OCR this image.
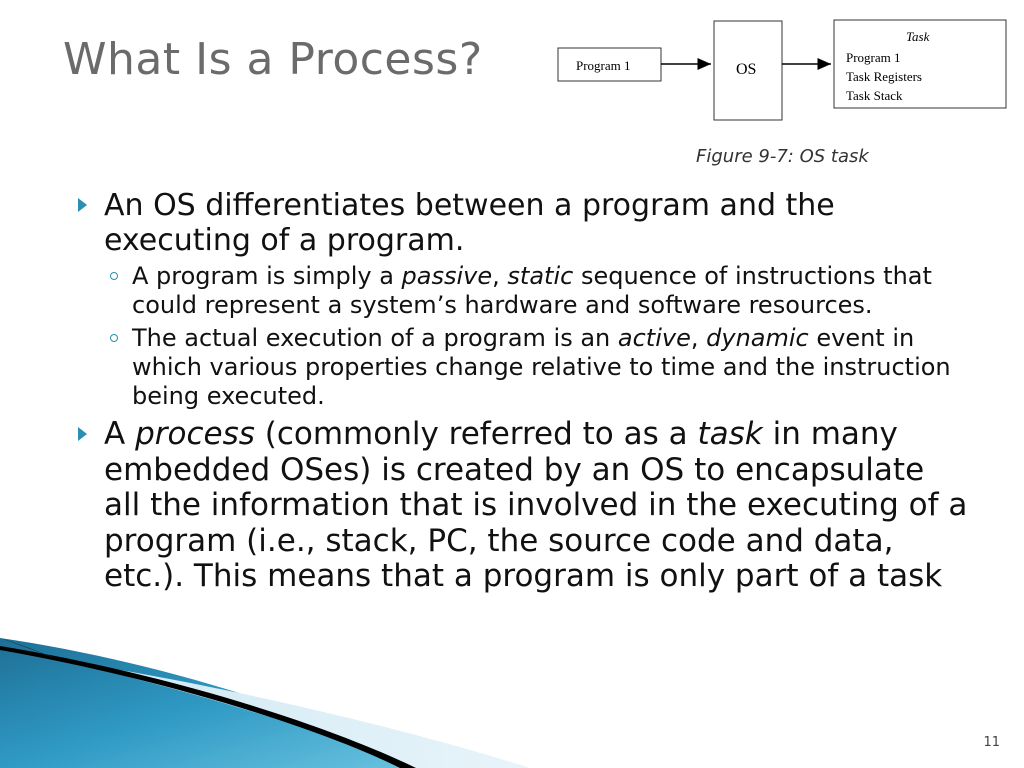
What Is a Process?	Program 1	OS
Task
Program 1
Task Registers
Task Stack
Figure 9-7: OS task

An OS differentiates between a program and the executing of a program.

A program is simply a passive, static sequence of instructions that could represent a system’s hardware and software resources.

The actual execution of a program is an active, dynamic event in which various properties change relative to time and the instruction being executed.

A process (commonly referred to as a task in many embedded OSes) is created by an OS to encapsulate all the information that is involved in the executing of a program (i.e., stack, PC, the source code and data, etc.). This means that a program is only part of a task

11
